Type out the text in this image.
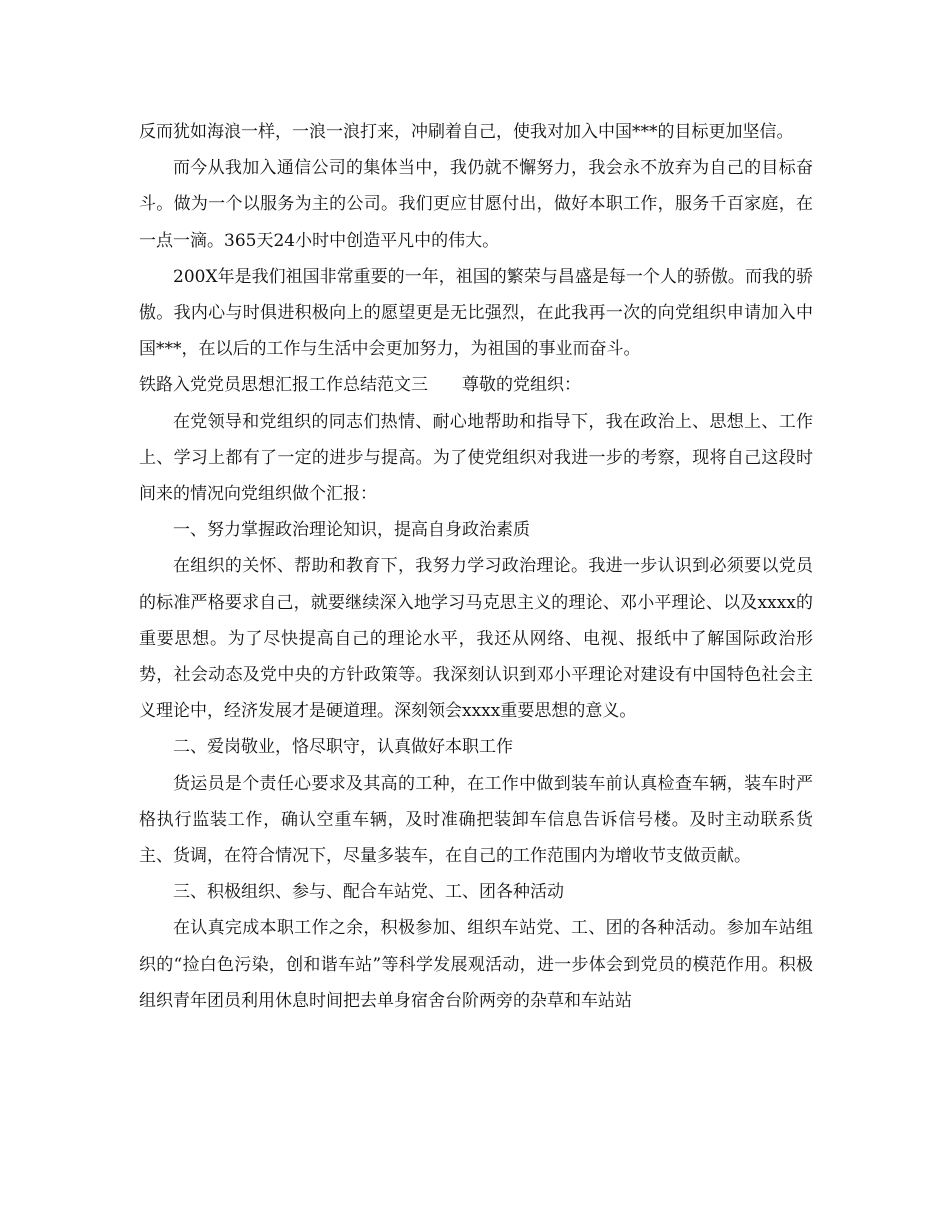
反而犹如海浪一样，一浪一浪打来，冲刷着自己，使我对加入中国***的目标更加坚信。

而今从我加入通信公司的集体当中，我仍就不懈努力，我会永不放弃为自己的目标奋斗。做为一个以服务为主的公司。我们更应甘愿付出，做好本职工作，服务千百家庭，在一点一滴。365天24小时中创造平凡中的伟大。

200X年是我们祖国非常重要的一年，祖国的繁荣与昌盛是每一个人的骄傲。而我的骄傲。我内心与时俱进积极向上的愿望更是无比强烈，在此我再一次的向党组织申请加入中国***，在以后的工作与生活中会更加努力，为祖国的事业而奋斗。

铁路入党党员思想汇报工作总结范文三 尊敬的党组织：

在党领导和党组织的同志们热情、耐心地帮助和指导下，我在政治上、思想上、工作上、学习上都有了一定的进步与提高。为了使党组织对我进一步的考察，现将自己这段时间来的情况向党组织做个汇报：

一、努力掌握政治理论知识，提高自身政治素质

在组织的关怀、帮助和教育下，我努力学习政治理论。我进一步认识到必须要以党员的标准严格要求自己，就要继续深入地学习马克思主义的理论、邓小平理论、以及xxxx的重要思想。为了尽快提高自己的理论水平，我还从网络、电视、报纸中了解国际政治形势，社会动态及党中央的方针政策等。我深刻认识到邓小平理论对建设有中国特色社会主义理论中，经济发展才是硬道理。深刻领会xxxx重要思想的意义。

二、爱岗敬业，恪尽职守，认真做好本职工作

货运员是个责任心要求及其高的工种，在工作中做到装车前认真检查车辆，装车时严格执行监装工作，确认空重车辆，及时准确把装卸车信息告诉信号楼。及时主动联系货主、货调，在符合情况下，尽量多装车，在自己的工作范围内为增收节支做贡献。

三、积极组织、参与、配合车站党、工、团各种活动

在认真完成本职工作之余，积极参加、组织车站党、工、团的各种活动。参加车站组织的“捡白色污染，创和谐车站”等科学发展观活动，进一步体会到党员的模范作用。积极组织青年团员利用休息时间把去单身宿舍台阶两旁的杂草和车站站
